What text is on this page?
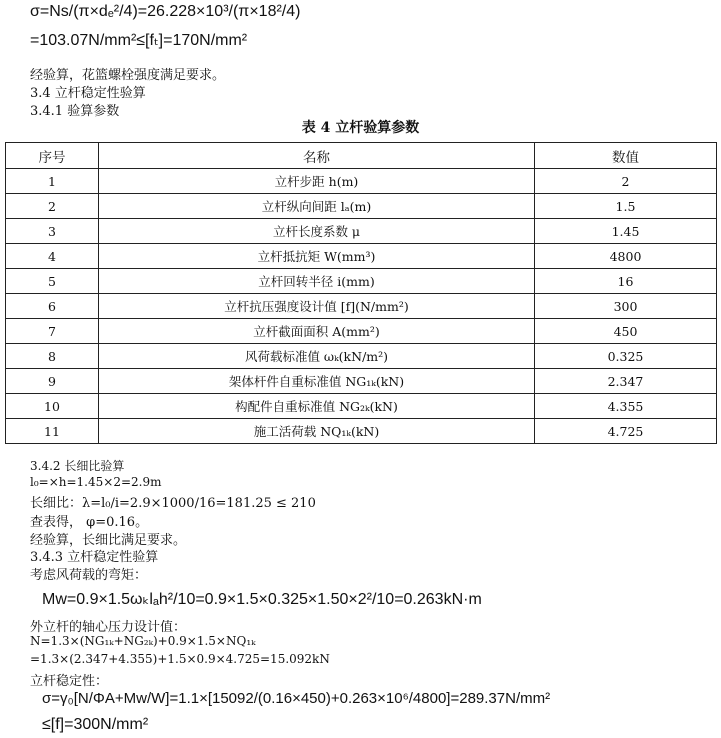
σ=Ns/(π×dₑ²/4)=26.228×10³/(π×18²/4)
=103.07N/mm²≤[fₜ]=170N/mm²
经验算，花篮螺栓强度满足要求。
3.4 立杆稳定性验算
3.4.1 验算参数
表 4 立杆验算参数
序号	名称	数值
1	立杆步距 h(m)	2
2	立杆纵向间距 lₐ(m)	1.5
3	立杆长度系数 μ	1.45
4	立杆抵抗矩 W(mm³)	4800
5	立杆回转半径 i(mm)	16
6	立杆抗压强度设计值 [f](N/mm²)	300
7	立杆截面面积 A(mm²)	450
8	风荷载标准值 ωₖ(kN/m²)	0.325
9	架体杆件自重标准值 NG₁ₖ(kN)	2.347
10	构配件自重标准值 NG₂ₖ(kN)	4.355
11	施工活荷载 NQ₁ₖ(kN)	4.725
3.4.2 长细比验算
l₀=×h=1.45×2=2.9m
长细比：λ=l₀/i=2.9×1000/16=181.25 ≤ 210
查表得， φ=0.16。
经验算，长细比满足要求。
3.4.3 立杆稳定性验算
考虑风荷载的弯矩：
Mw=0.9×1.5ωₖlₐh²/10=0.9×1.5×0.325×1.50×2²/10=0.263kN·m
外立杆的轴心压力设计值：
N=1.3×(NG₁ₖ+NG₂ₖ)+0.9×1.5×NQ₁ₖ
=1.3×(2.347+4.355)+1.5×0.9×4.725=15.092kN
立杆稳定性：
σ=γ₀[N/ΦA+Mw/W]=1.1×[15092/(0.16×450)+0.263×10⁶/4800]=289.37N/mm²
≤[f]=300N/mm²
